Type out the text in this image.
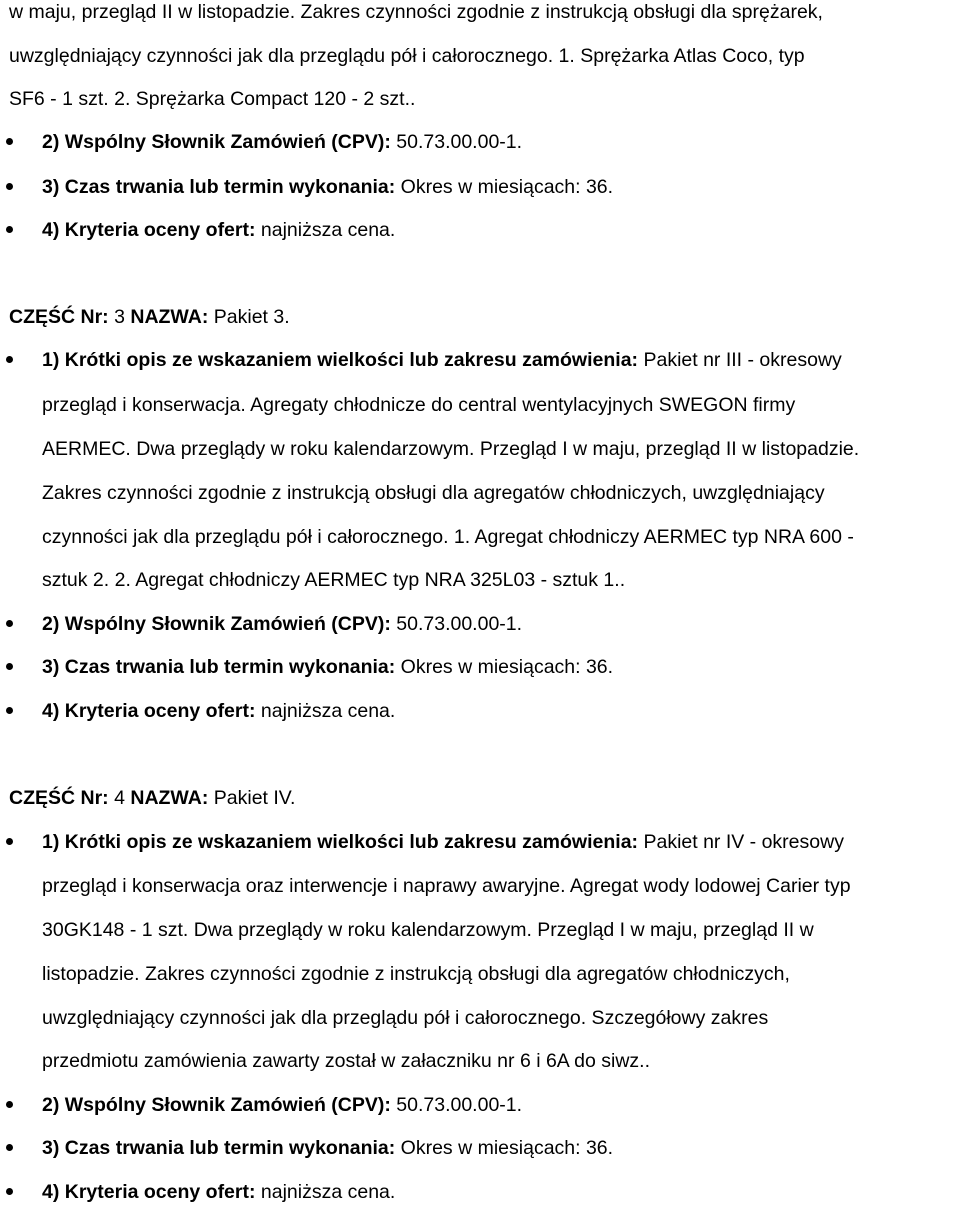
w maju, przegląd II w listopadzie. Zakres czynności zgodnie z instrukcją obsługi dla sprężarek,
uwzględniający czynności jak dla przeglądu pół i całorocznego. 1. Sprężarka Atlas Coco, typ
SF6 - 1 szt. 2. Sprężarka Compact 120 - 2 szt..
2) Wspólny Słownik Zamówień (CPV): 50.73.00.00-1.
3) Czas trwania lub termin wykonania: Okres w miesiącach: 36.
4) Kryteria oceny ofert: najniższa cena.
CZĘŚĆ Nr: 3 NAZWA: Pakiet 3.
1) Krótki opis ze wskazaniem wielkości lub zakresu zamówienia: Pakiet nr III - okresowy
przegląd i konserwacja. Agregaty chłodnicze do central wentylacyjnych SWEGON firmy
AERMEC. Dwa przeglądy w roku kalendarzowym. Przegląd I w maju, przegląd II w listopadzie.
Zakres czynności zgodnie z instrukcją obsługi dla agregatów chłodniczych, uwzględniający
czynności jak dla przeglądu pół i całorocznego. 1. Agregat chłodniczy AERMEC typ NRA 600 -
sztuk 2. 2. Agregat chłodniczy AERMEC typ NRA 325L03 - sztuk 1..
2) Wspólny Słownik Zamówień (CPV): 50.73.00.00-1.
3) Czas trwania lub termin wykonania: Okres w miesiącach: 36.
4) Kryteria oceny ofert: najniższa cena.
CZĘŚĆ Nr: 4 NAZWA: Pakiet IV.
1) Krótki opis ze wskazaniem wielkości lub zakresu zamówienia: Pakiet nr IV - okresowy
przegląd i konserwacja oraz interwencje i naprawy awaryjne. Agregat wody lodowej Carier typ
30GK148 - 1 szt. Dwa przeglądy w roku kalendarzowym. Przegląd I w maju, przegląd II w
listopadzie. Zakres czynności zgodnie z instrukcją obsługi dla agregatów chłodniczych,
uwzględniający czynności jak dla przeglądu pół i całorocznego. Szczegółowy zakres
przedmiotu zamówienia zawarty został w załaczniku nr 6 i 6A do siwz..
2) Wspólny Słownik Zamówień (CPV): 50.73.00.00-1.
3) Czas trwania lub termin wykonania: Okres w miesiącach: 36.
4) Kryteria oceny ofert: najniższa cena.
